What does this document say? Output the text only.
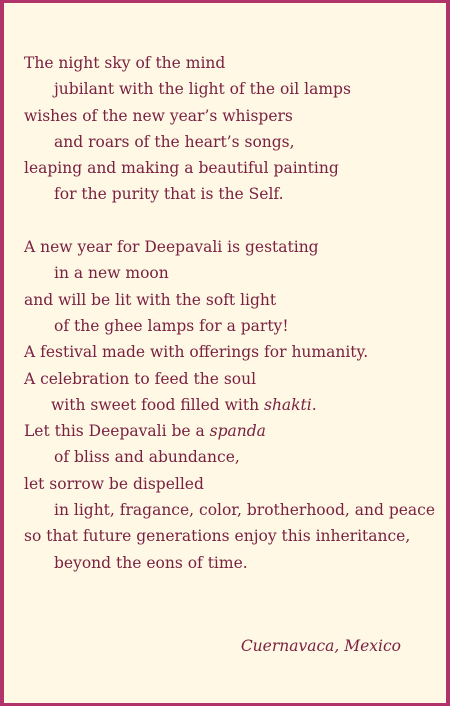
The night sky of the mind
jubilant with the light of the oil lamps
wishes of the new year’s whispers
and roars of the heart’s songs,
leaping and making a beautiful painting
for the purity that is the Self.
A new year for Deepavali is gestating
in a new moon
and will be lit with the soft light
of the ghee lamps for a party!
A festival made with offerings for humanity.
A celebration to feed the soul
with sweet food filled with shakti.
Let this Deepavali be a spanda
of bliss and abundance,
let sorrow be dispelled
in light, fragance, color, brotherhood, and peace
so that future generations enjoy this inheritance,
beyond the eons of time.
Cuernavaca, Mexico
